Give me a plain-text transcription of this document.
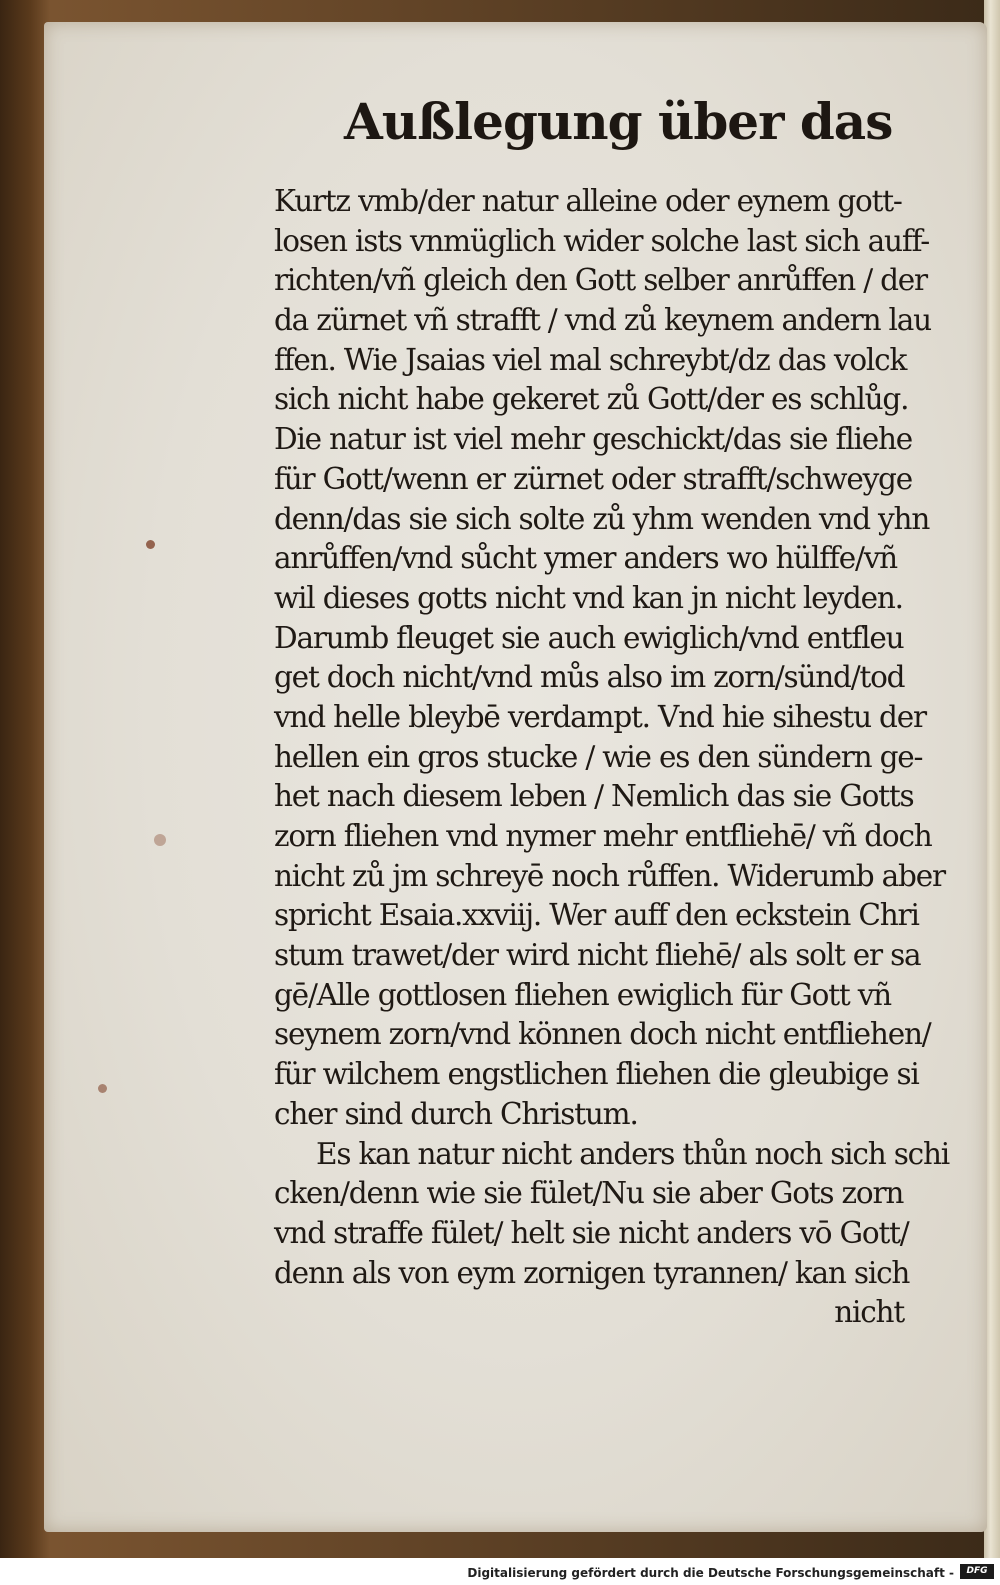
Außlegung über das
Kurtz vmb/der natur alleine oder eynem gott-
losen ists vnmüglich wider solche last sich auff-
richten/vñ gleich den Gott selber anrůffen / der
da zürnet vñ strafft / vnd zů keynem andern lau
ffen. Wie Jsaias viel mal schreybt/dz das volck
sich nicht habe gekeret zů Gott/der es schlůg.
Die natur ist viel mehr geschickt/das sie fliehe
für Gott/wenn er zürnet oder strafft/schweyge
denn/das sie sich solte zů yhm wenden vnd yhn
anrůffen/vnd sůcht ymer anders wo hülffe/vñ
wil dieses gotts nicht vnd kan jn nicht leyden.
Darumb fleuget sie auch ewiglich/vnd entfleu
get doch nicht/vnd můs also im zorn/sünd/tod
vnd helle bleybē verdampt. Vnd hie sihestu der
hellen ein gros stucke / wie es den sündern ge-
het nach diesem leben / Nemlich das sie Gotts
zorn fliehen vnd nymer mehr entfliehē/ vñ doch
nicht zů jm schreyē noch růffen. Widerumb aber
spricht Esaia.xxviij. Wer auff den eckstein Chri
stum trawet/der wird nicht fliehē/ als solt er sa
gē/Alle gottlosen fliehen ewiglich für Gott vñ
seynem zorn/vnd können doch nicht entfliehen/
für wilchem engstlichen fliehen die gleubige si
cher sind durch Christum.
Es kan natur nicht anders thůn noch sich schi
cken/denn wie sie fület/Nu sie aber Gots zorn
vnd straffe fület/ helt sie nicht anders vō Gott/
denn als von eym zornigen tyrannen/ kan sich
nicht
Digitalisierung gefördert durch die Deutsche Forschungsgemeinschaft -	DFG
